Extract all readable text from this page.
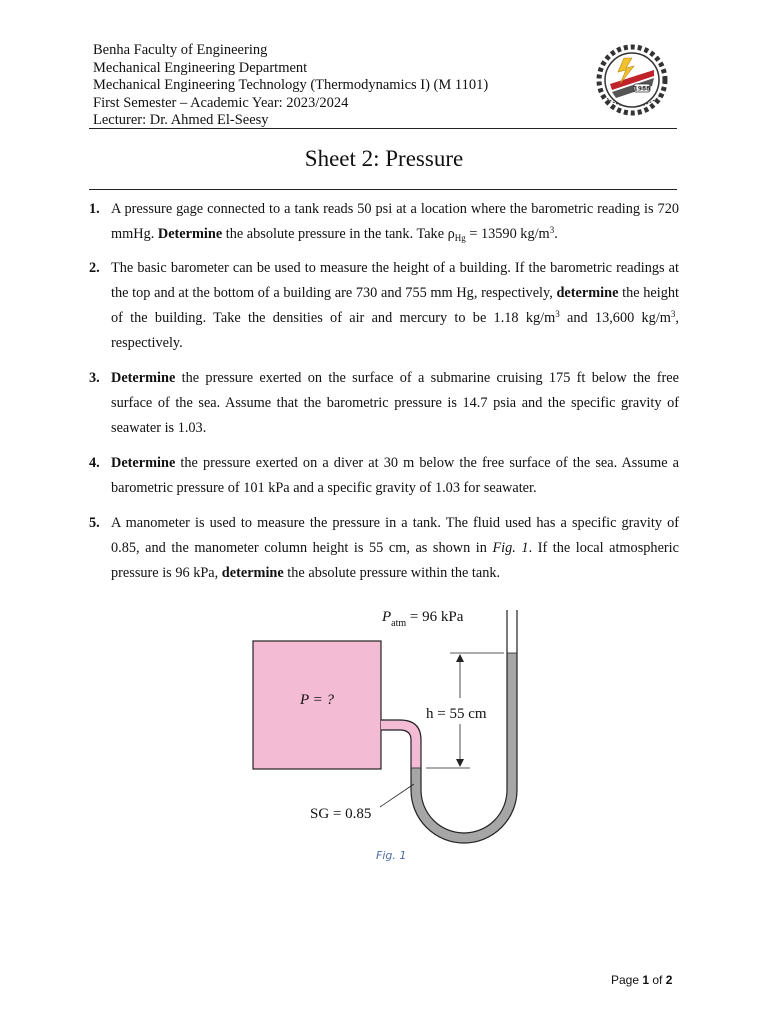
Benha Faculty of Engineering
Mechanical Engineering Department
Mechanical Engineering Technology (Thermodynamics I) (M 1101)
First Semester – Academic Year: 2023/2024
Lecturer: Dr. Ahmed El-Seesy
1988
Sheet 2: Pressure
1. A pressure gage connected to a tank reads 50 psi at a location where the barometric reading is 720 mmHg. Determine the absolute pressure in the tank. Take $\rho_{Hg} = 13590$ $kg/m^3$.
2. The basic barometer can be used to measure the height of a building. If the barometric readings at the top and at the bottom of a building are 730 and 755 mm Hg, respectively, determine the height of the building. Take the densities of air and mercury to be 1.18 $kg/m^3$ and 13,600 $kg/m^3$, respectively.
3. Determine the pressure exerted on the surface of a submarine cruising 175 ft below the free surface of the sea. Assume that the barometric pressure is 14.7 psia and the specific gravity of seawater is 1.03.
4. Determine the pressure exerted on a diver at 30 m below the free surface of the sea. Assume a barometric pressure of 101 kPa and a specific gravity of 1.03 for seawater.
5. A manometer is used to measure the pressure in a tank. The fluid used has a specific gravity of 0.85, and the manometer column height is 55 cm, as shown in Fig. 1. If the local atmospheric pressure is 96 kPa, determine the absolute pressure within the tank.
P = ?
h = 55 cm
$P_{atm} = 96$ kPa
SG = 0.85
Fig. 1
Page 1 of 2
